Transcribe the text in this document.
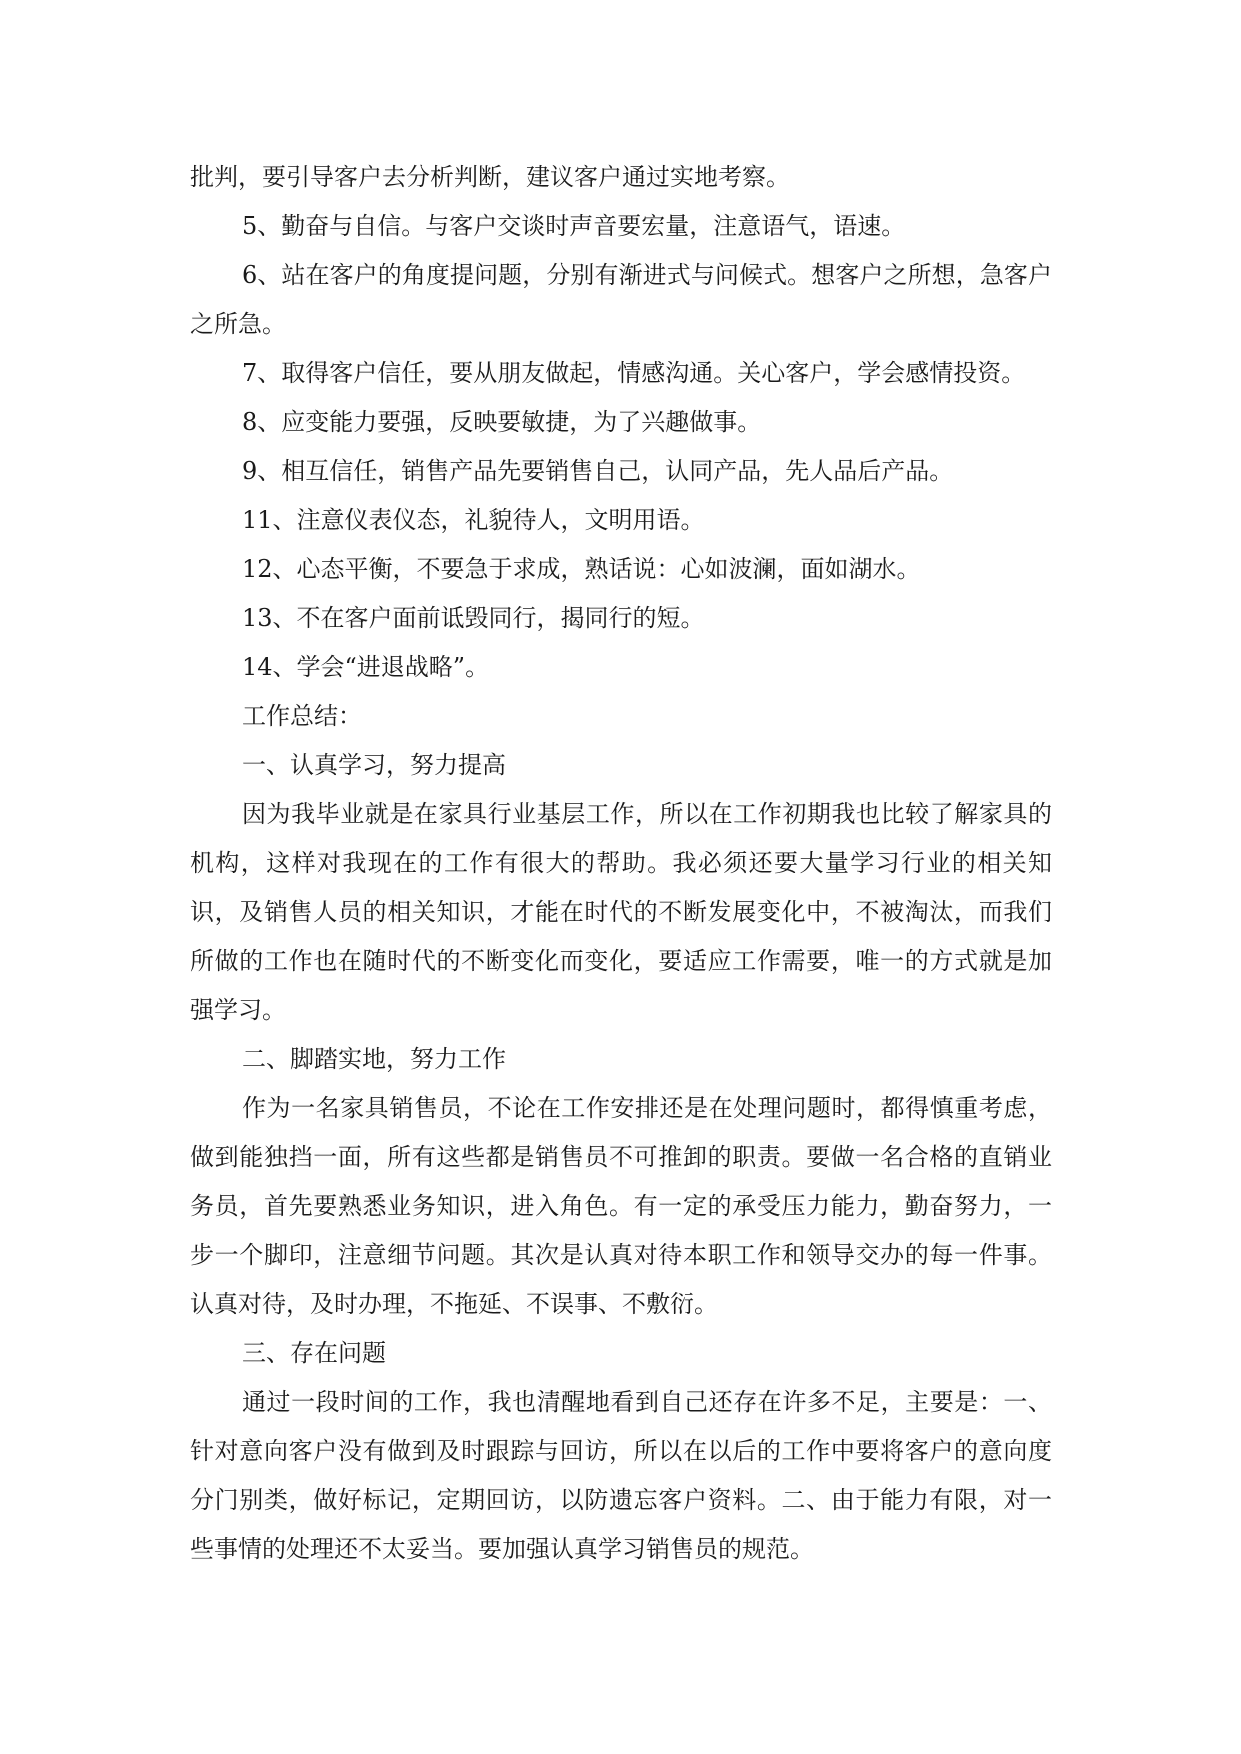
批判，要引导客户去分析判断，建议客户通过实地考察。

5、勤奋与自信。与客户交谈时声音要宏量，注意语气，语速。

6、站在客户的角度提问题，分别有渐进式与问候式。想客户之所想，急客户之所急。

7、取得客户信任，要从朋友做起，情感沟通。关心客户，学会感情投资。

8、应变能力要强，反映要敏捷，为了兴趣做事。

9、相互信任，销售产品先要销售自己，认同产品，先人品后产品。

11、注意仪表仪态，礼貌待人，文明用语。

12、心态平衡，不要急于求成，熟话说：心如波澜，面如湖水。

13、不在客户面前诋毁同行，揭同行的短。

14、学会“进退战略”。

工作总结：

一、认真学习，努力提高

因为我毕业就是在家具行业基层工作，所以在工作初期我也比较了解家具的机构，这样对我现在的工作有很大的帮助。我必须还要大量学习行业的相关知识，及销售人员的相关知识，才能在时代的不断发展变化中，不被淘汰，而我们所做的工作也在随时代的不断变化而变化，要适应工作需要，唯一的方式就是加强学习。

二、脚踏实地，努力工作

作为一名家具销售员，不论在工作安排还是在处理问题时，都得慎重考虑，做到能独挡一面，所有这些都是销售员不可推卸的职责。要做一名合格的直销业务员，首先要熟悉业务知识，进入角色。有一定的承受压力能力，勤奋努力，一步一个脚印，注意细节问题。其次是认真对待本职工作和领导交办的每一件事。认真对待，及时办理，不拖延、不误事、不敷衍。

三、存在问题

通过一段时间的工作，我也清醒地看到自己还存在许多不足，主要是：一、针对意向客户没有做到及时跟踪与回访，所以在以后的工作中要将客户的意向度分门别类，做好标记，定期回访，以防遗忘客户资料。二、由于能力有限，对一些事情的处理还不太妥当。要加强认真学习销售员的规范。
